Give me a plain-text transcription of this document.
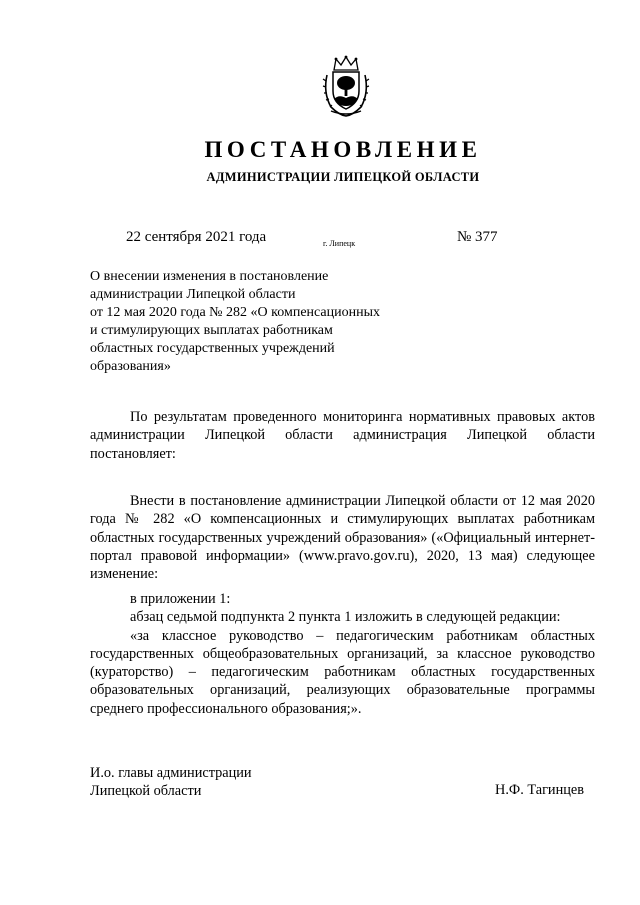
ПОСТАНОВЛЕНИЕ
АДМИНИСТРАЦИИ ЛИПЕЦКОЙ ОБЛАСТИ
22 сентября 2021 года	г. Липецк	№ 377
О внесении изменения в постановление
администрации Липецкой области
от 12 мая 2020 года № 282 «О компенсационных
и стимулирующих выплатах работникам
областных государственных учреждений
образования»
По результатам проведенного мониторинга нормативных правовых актов администрации Липецкой области администрация Липецкой области постановляет:
Внести в постановление администрации Липецкой области от 12 мая 2020 года № 282 «О компенсационных и стимулирующих выплатах работникам областных государственных учреждений образования» («Официальный интернет-портал правовой информации» (www.pravo.gov.ru), 2020, 13 мая) следующее изменение:
в приложении 1:
абзац седьмой подпункта 2 пункта 1 изложить в следующей редакции:
«за классное руководство – педагогическим работникам областных государственных общеобразовательных организаций, за классное руководство (кураторство) – педагогическим работникам областных государственных образовательных организаций, реализующих образовательные программы среднего профессионального образования;».
И.о. главы администрации
Липецкой области	Н.Ф. Тагинцев
